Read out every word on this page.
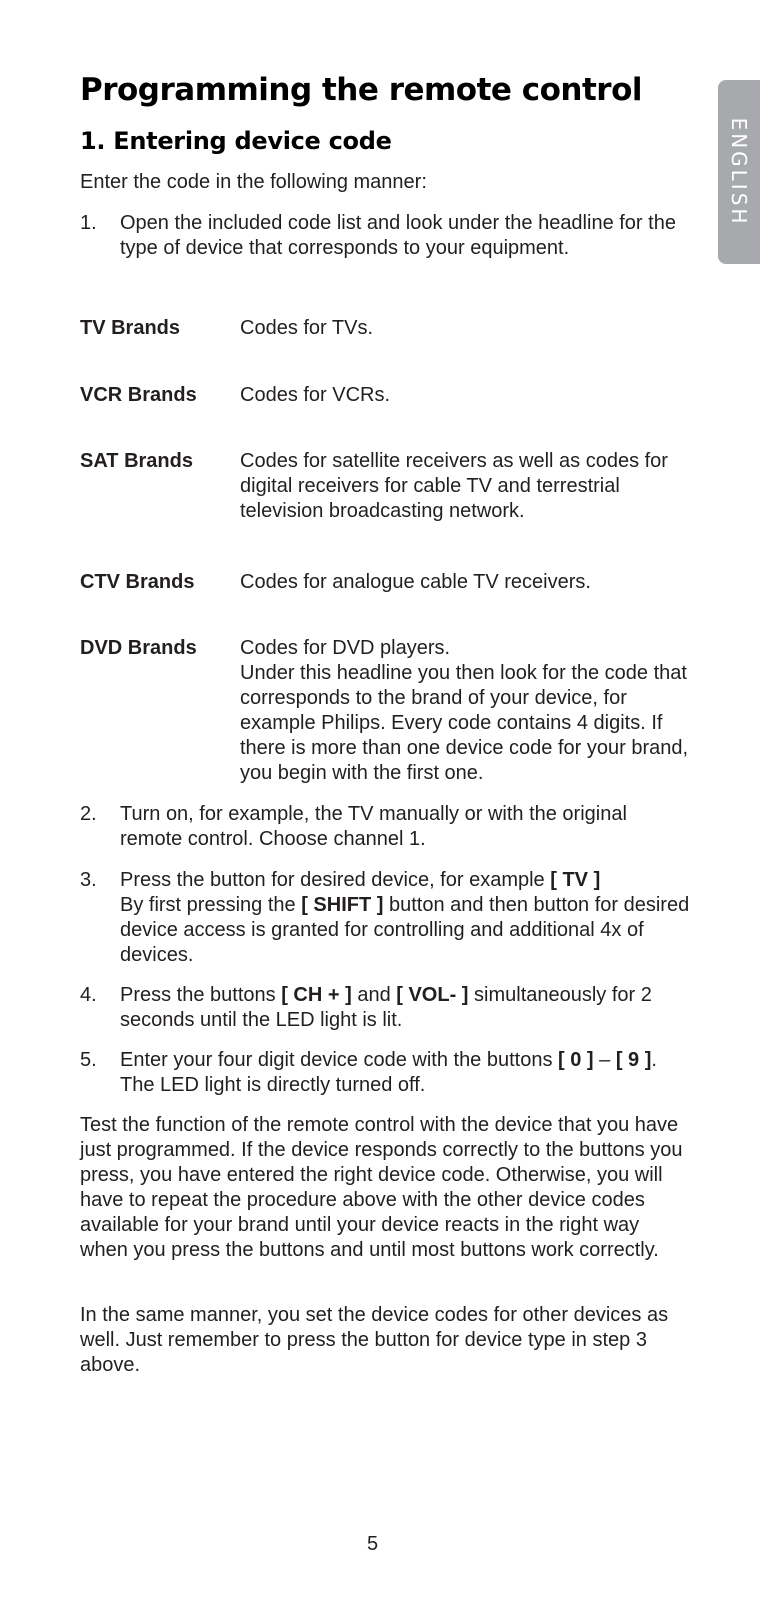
ENGLISH
Programming the remote control
1. Entering device code

Enter the code in the following manner:

1. Open the included code list and look under the headline for the type of device that corresponds to your equipment.
TV Brands	Codes for TVs.
VCR Brands Codes for VCRs.
SAT Brands Codes for satellite receivers as well as codes for digital receivers for cable TV and terrestrial television broadcasting network.
CTV Brands Codes for analogue cable TV receivers.
DVD Brands Codes for DVD players.
Under this headline you then look for the code that corresponds to the brand of your device, for example Philips. Every code contains 4 digits. If there is more than one device code for your brand, you begin with the first one.
2. Turn on, for example, the TV manually or with the original remote control. Choose channel 1.
3. Press the button for desired device, for example [ TV ]
By first pressing the [ SHIFT ] button and then button for desired device access is granted for controlling and additional 4x of devices.
4. Press the buttons [ CH + ] and [ VOL- ] simultaneously for 2 seconds until the LED light is lit.
5. Enter your four digit device code with the buttons [ 0 ] – [ 9 ].
The LED light is directly turned off.

Test the function of the remote control with the device that you have just programmed. If the device responds correctly to the buttons you press, you have entered the right device code. Otherwise, you will have to repeat the procedure above with the other device codes available for your brand until your device reacts in the right way when you press the buttons and until most buttons work correctly.

In the same manner, you set the device codes for other devices as well. Just remember to press the button for device type in step 3 above.

5
